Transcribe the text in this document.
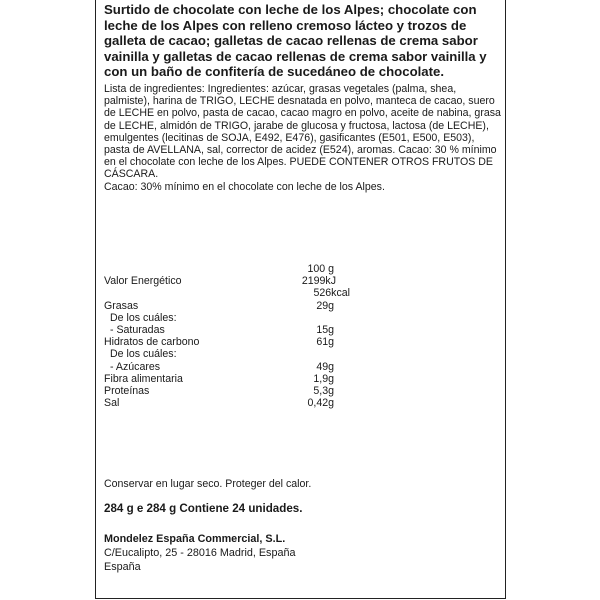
Surtido de chocolate con leche de los Alpes; chocolate con leche de los Alpes con relleno cremoso lácteo y trozos de galleta de cacao; galletas de cacao rellenas de crema sabor vainilla y galletas de cacao rellenas de crema sabor vainilla y con un baño de confitería de sucedáneo de chocolate.

Lista de ingredientes: Ingredientes: azúcar, grasas vegetales (palma, shea, palmiste), harina de TRIGO, LECHE desnatada en polvo, manteca de cacao, suero de LECHE en polvo, pasta de cacao, cacao magro en polvo, aceite de nabina, grasa de LECHE, almidón de TRIGO, jarabe de glucosa y fructosa, lactosa (de LECHE), emulgentes (lecitinas de SOJA, E492, E476), gasificantes (E501, E500, E503), pasta de AVELLANA, sal, corrector de acidez (E524), aromas. Cacao: 30 % mínimo en el chocolate con leche de los Alpes. PUEDE CONTENER OTROS FRUTOS DE CÁSCARA.

Cacao: 30% mínimo en el chocolate con leche de los Alpes.

100 g
Valor Energético	2199kJ
526kcal
Grasas	29g
De los cuáles:
- Saturadas	15g
Hidratos de carbono	61g
De los cuáles:
- Azúcares	49g
Fibra alimentaria	1,9g
Proteínas	5,3g
Sal	0,42g

Conservar en lugar seco. Proteger del calor.

284 g e 284 g Contiene 24 unidades.

Mondelez España Commercial, S.L.
C/Eucalipto, 25 - 28016 Madrid, España
España
